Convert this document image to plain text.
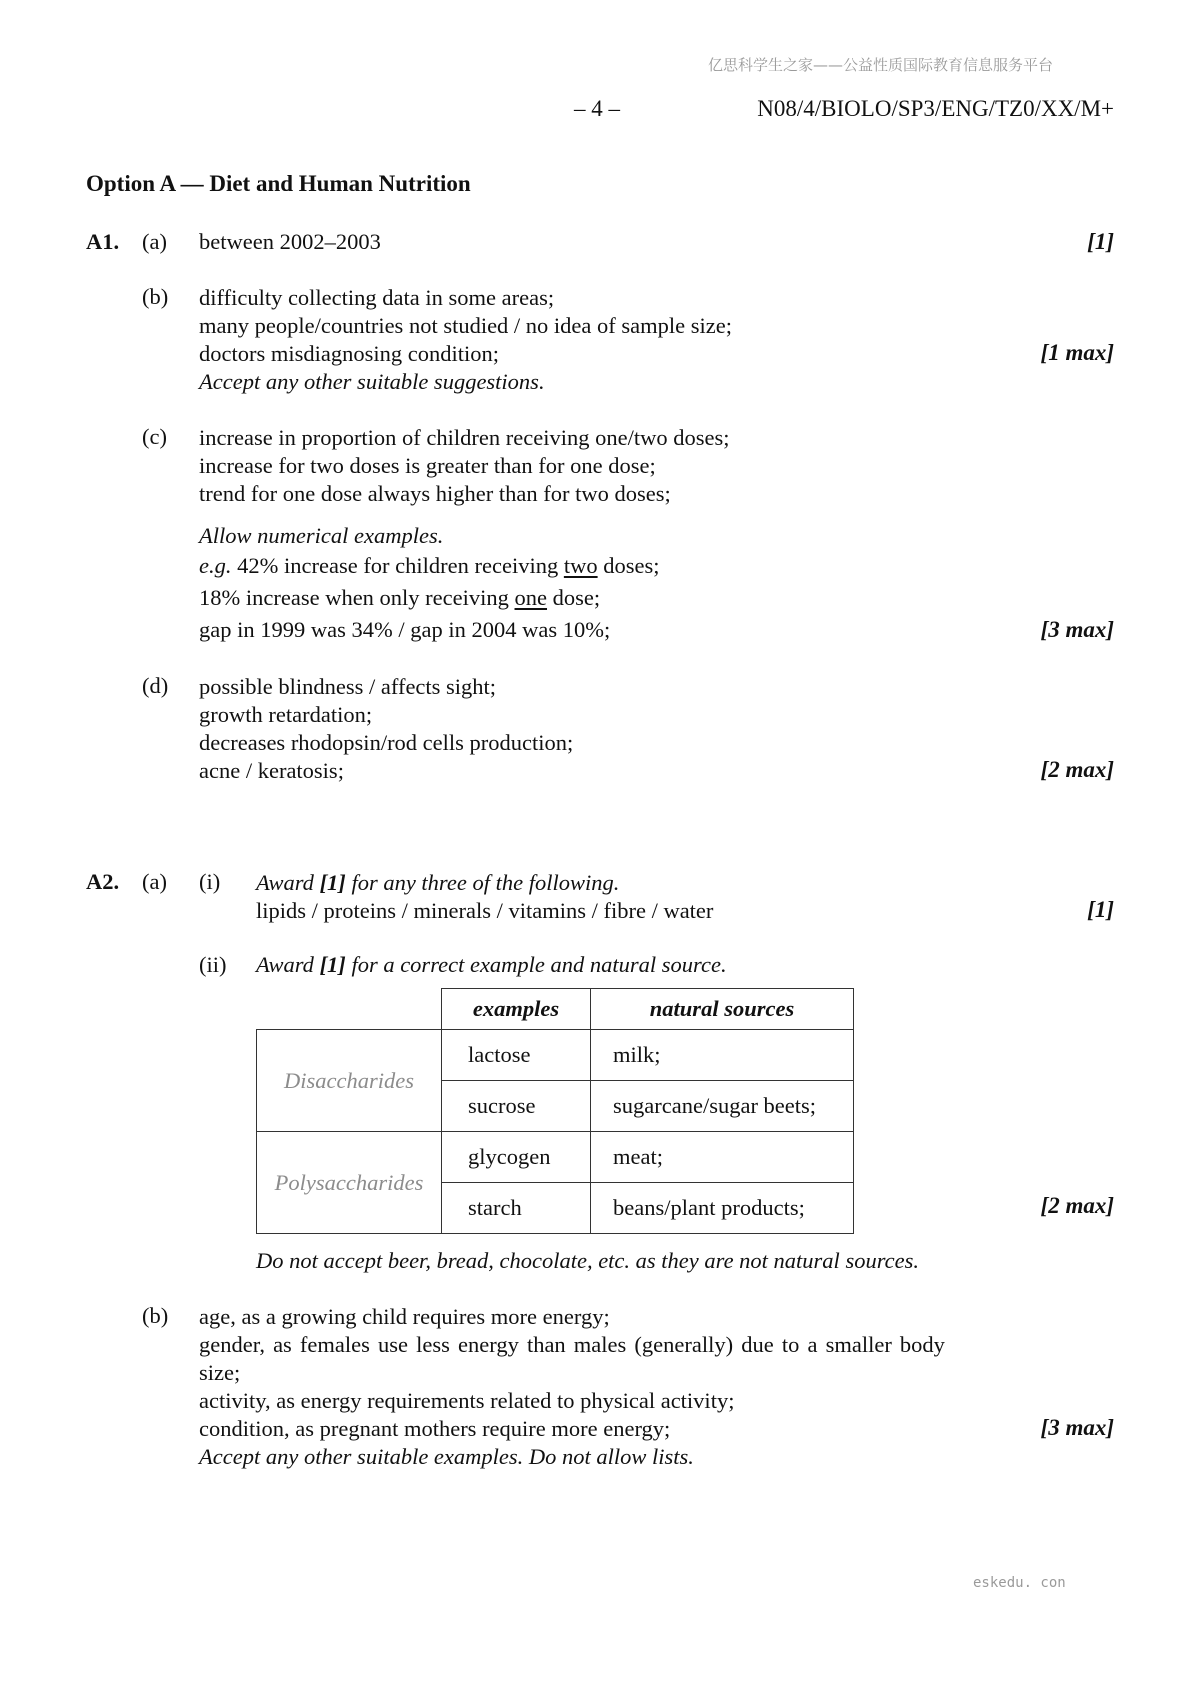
亿思科学生之家——公益性质国际教育信息服务平台
– 4 –	N08/4/BIOLO/SP3/ENG/TZ0/XX/M+
Option A — Diet and Human Nutrition
A1. (a) between 2002–2003	[1]
(b) difficulty collecting data in some areas;
many people/countries not studied / no idea of sample size;
doctors misdiagnosing condition;
Accept any other suitable suggestions.
[1 max]
(c) increase in proportion of children receiving one/two doses;
increase for two doses is greater than for one dose;
trend for one dose always higher than for two doses;
Allow numerical examples.
e.g. 42% increase for children receiving two doses;
18% increase when only receiving one dose;
gap in 1999 was 34% / gap in 2004 was 10%;	[3 max]
(d) possible blindness / affects sight;
growth retardation;
decreases rhodopsin/rod cells production;
acne / keratosis;	[2 max]
A2. (a) (i) Award [1] for any three of the following.
lipids / proteins / minerals / vitamins / fibre / water	[1]
(ii) Award [1] for a correct example and natural source.
	examples	natural sources
Disaccharides	lactose	milk;
	sucrose	sugarcane/sugar beets;
Polysaccharides	glycogen	meat;
	starch	beans/plant products;	[2 max]
Do not accept beer, bread, chocolate, etc. as they are not natural sources.
(b) age, as a growing child requires more energy;
gender, as females use less energy than males (generally) due to a smaller body
size;
activity, as energy requirements related to physical activity;
condition, as pregnant mothers require more energy;
Accept any other suitable examples. Do not allow lists.
[3 max]
eskedu. con
